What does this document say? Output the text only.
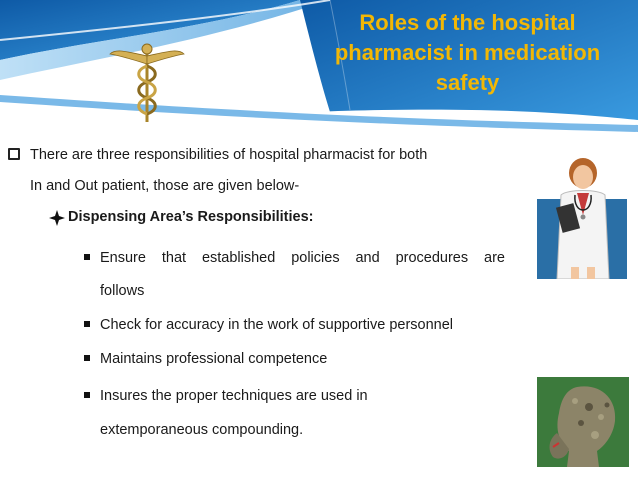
Roles of the hospital pharmacist in medication safety
There are three responsibilities of hospital pharmacist for both
In and Out patient, those are given below-
Dispensing Area’s Responsibilities:
Ensure that established policies and procedures are
follows
Check for accuracy in the work of supportive personnel
Maintains professional competence
Insures the proper techniques are used in
extemporaneous compounding.
